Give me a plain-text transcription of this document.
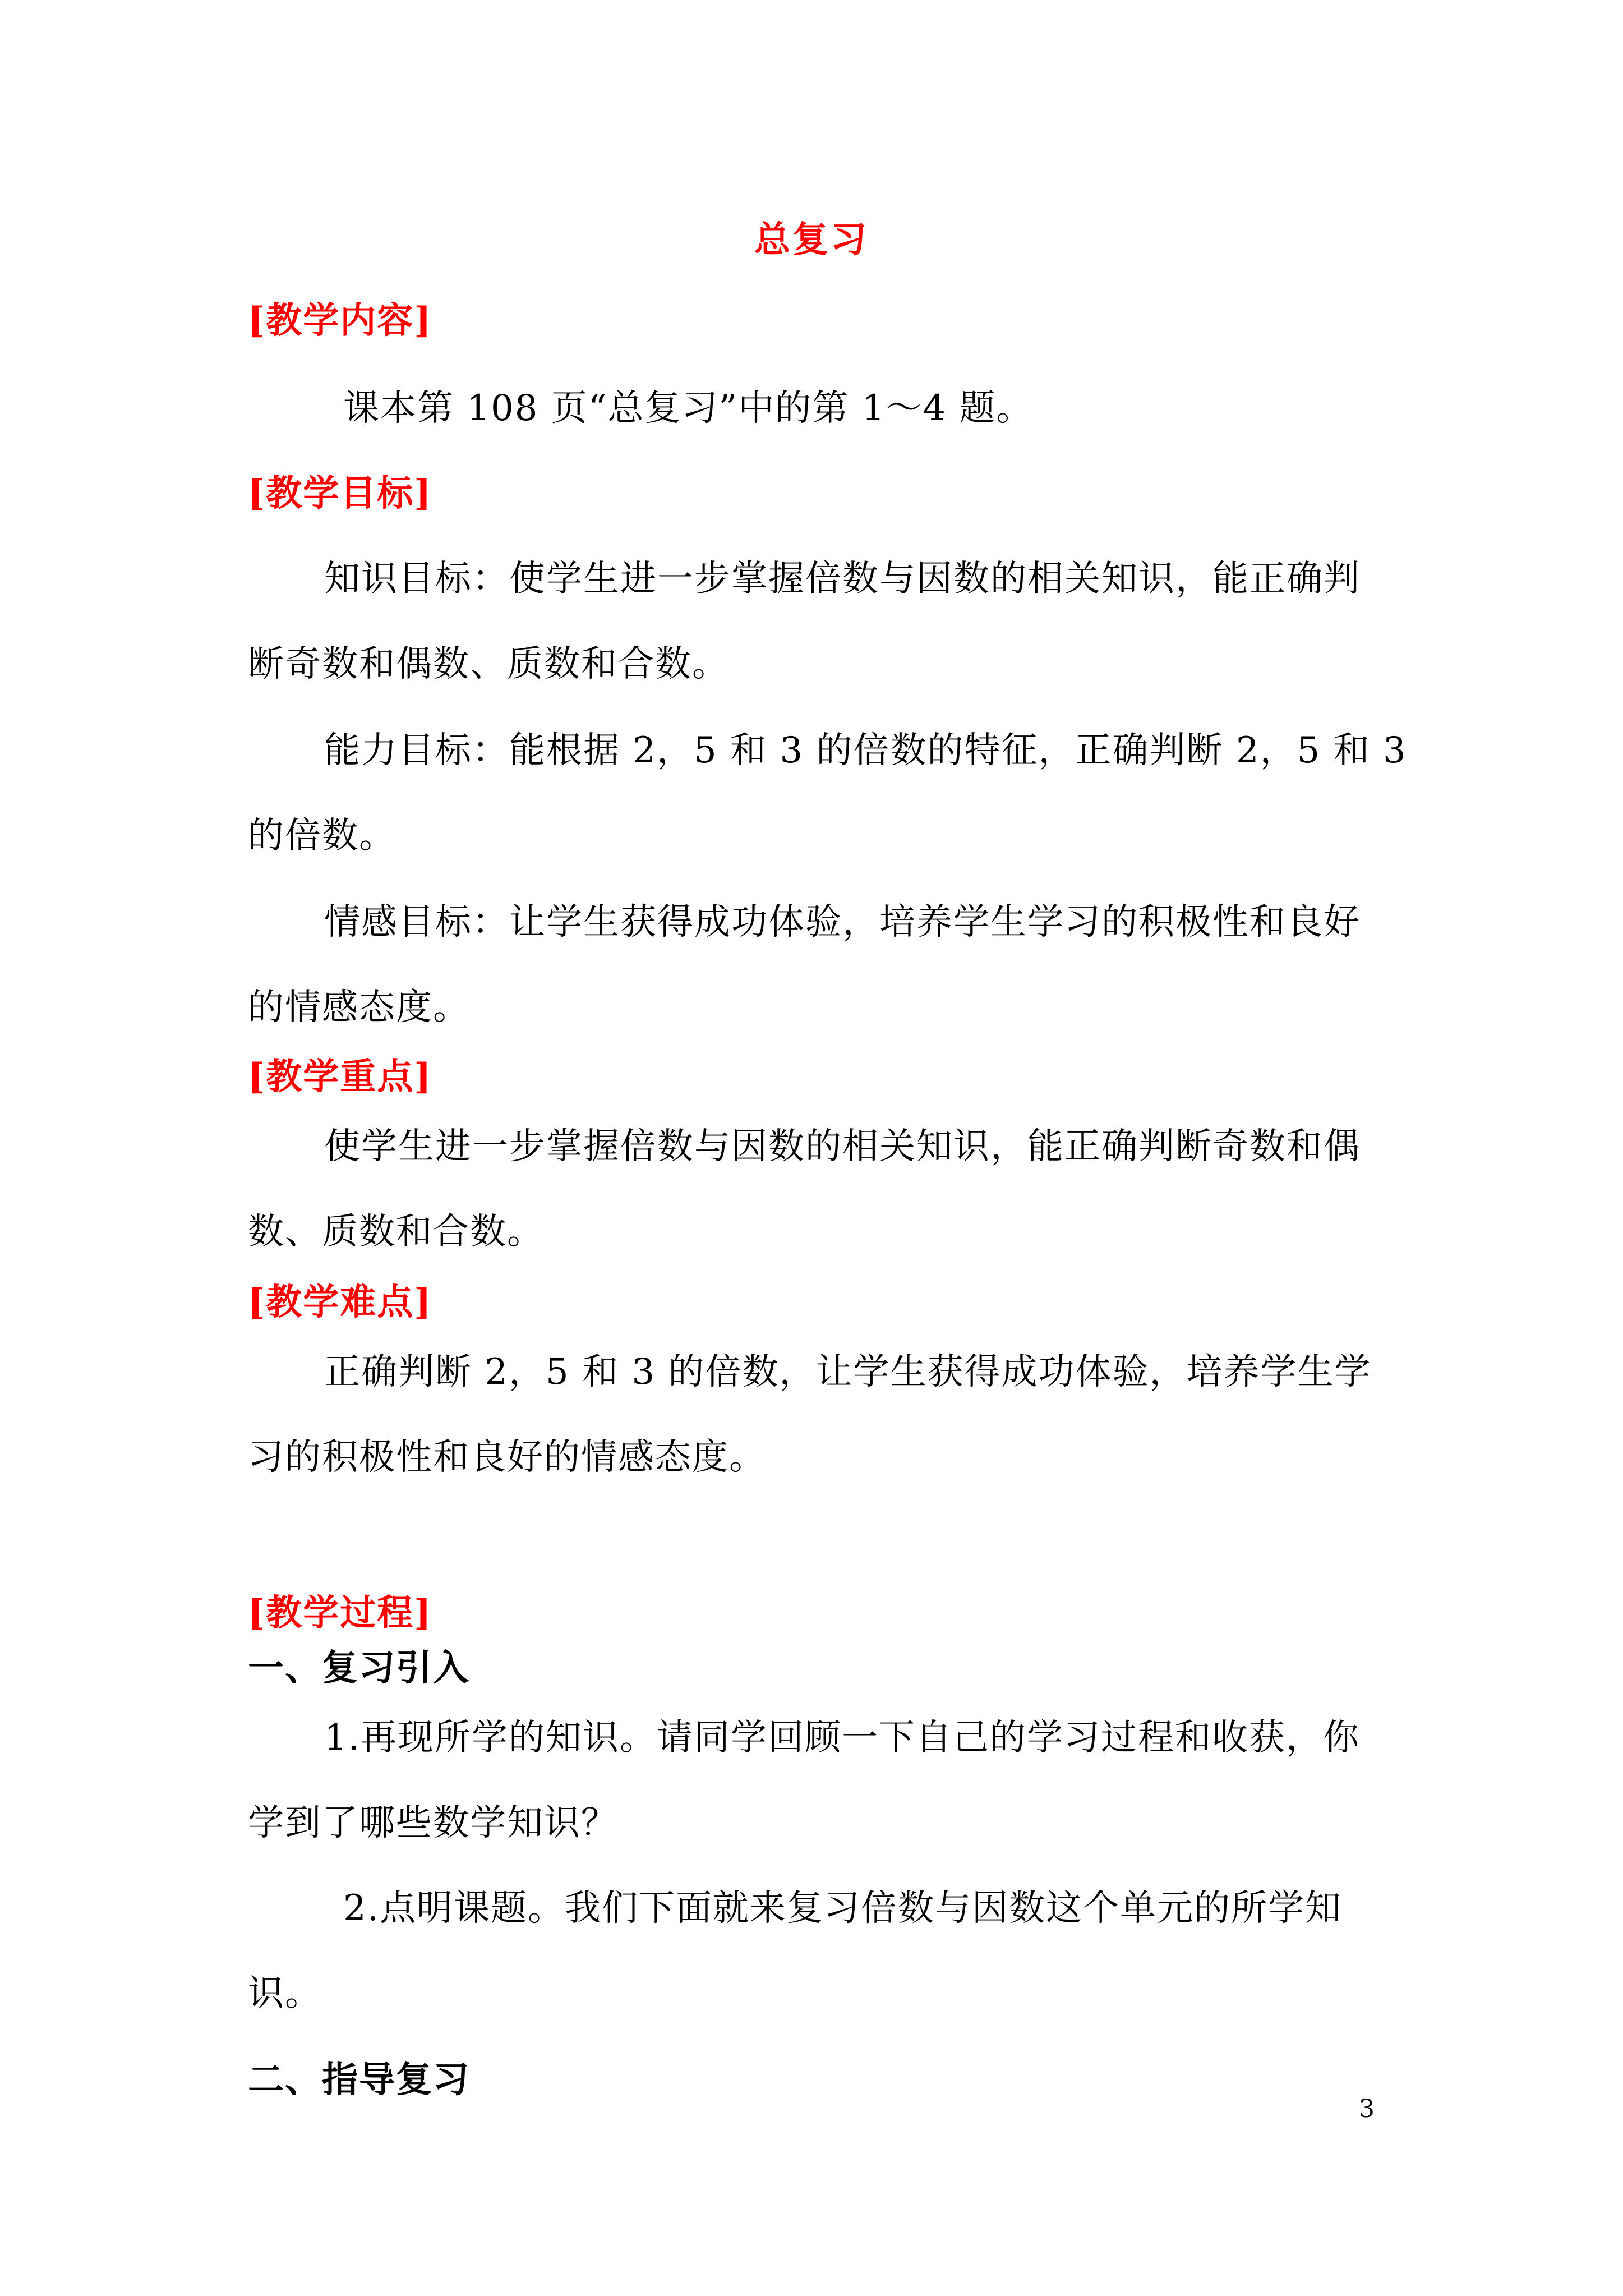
总复习
[教学内容]
课本第 108 页“总复习”中的第 1～4 题。
[教学目标]
知识目标：使学生进一步掌握倍数与因数的相关知识，能正确判
断奇数和偶数、质数和合数。
能力目标：能根据 2，5 和 3 的倍数的特征，正确判断 2，5 和 3
的倍数。
情感目标：让学生获得成功体验，培养学生学习的积极性和良好
的情感态度。
[教学重点]
使学生进一步掌握倍数与因数的相关知识，能正确判断奇数和偶
数、质数和合数。
[教学难点]
正确判断 2，5 和 3 的倍数，让学生获得成功体验，培养学生学
习的积极性和良好的情感态度。
[教学过程]
一、复习引入
1.再现所学的知识。请同学回顾一下自己的学习过程和收获，你
学到了哪些数学知识？
2.点明课题。我们下面就来复习倍数与因数这个单元的所学知
识。
二、指导复习
3
